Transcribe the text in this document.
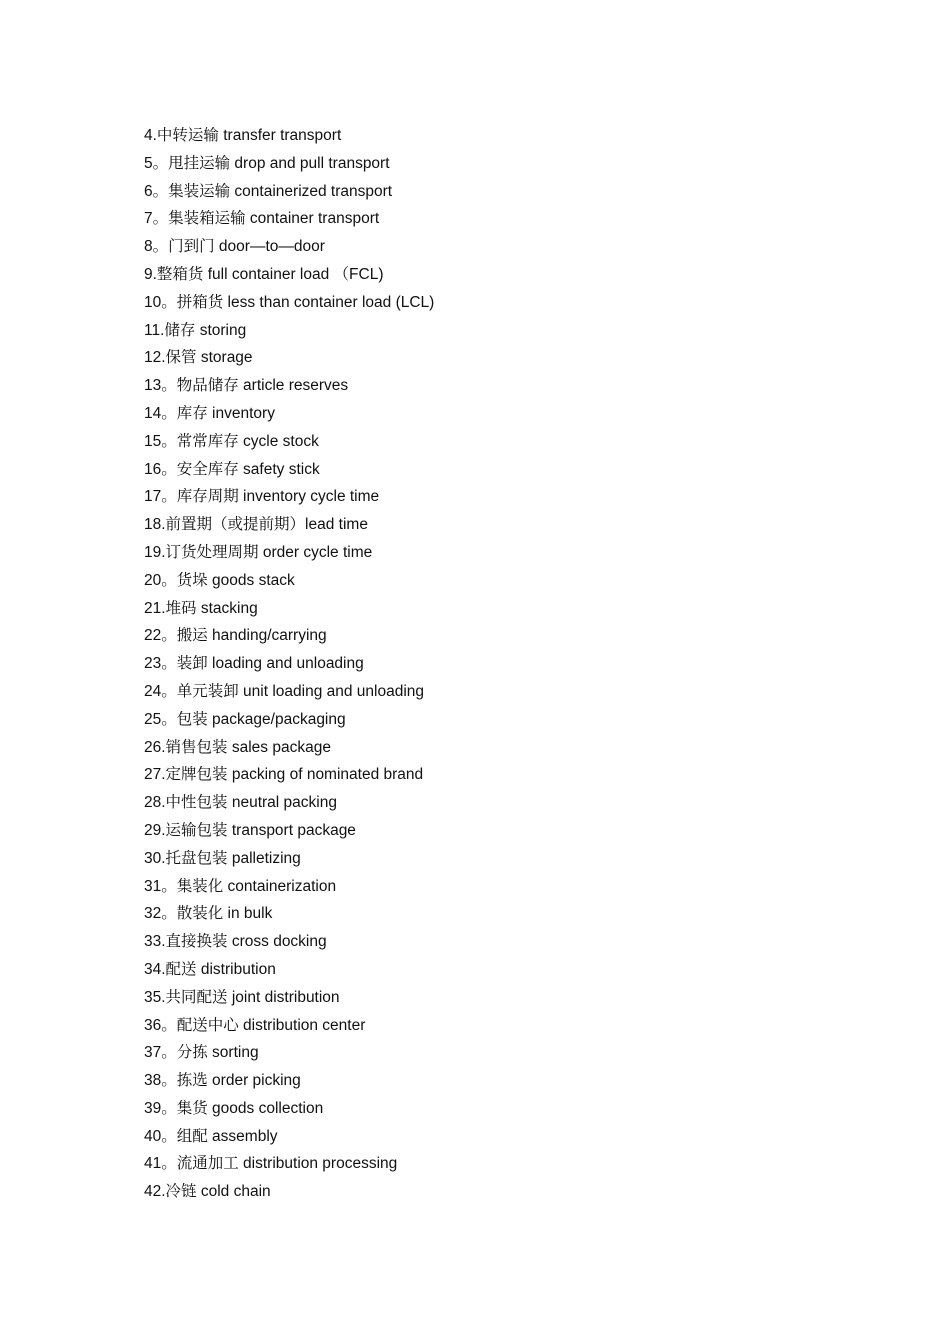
4.中转运输 transfer transport
5。甩挂运输 drop and pull transport
6。集装运输 containerized transport
7。集装箱运输 container transport
8。门到门 door—to—door
9.整箱货 full container load （FCL)
10。拼箱货 less than container load (LCL)
11.储存 storing
12.保管 storage
13。物品储存 article reserves
14。库存 inventory
15。常常库存 cycle stock
16。安全库存 safety stick
17。库存周期 inventory cycle time
18.前置期（或提前期）lead time
19.订货处理周期 order cycle time
20。货垛 goods stack
21.堆码 stacking
22。搬运 handing/carrying
23。装卸 loading and unloading
24。单元装卸 unit loading and unloading
25。包装 package/packaging
26.销售包装 sales package
27.定牌包装 packing of nominated brand
28.中性包装 neutral packing
29.运输包装 transport package
30.托盘包装 palletizing
31。集装化 containerization
32。散装化 in bulk
33.直接换装 cross docking
34.配送 distribution
35.共同配送 joint distribution
36。配送中心 distribution center
37。分拣 sorting
38。拣选 order picking
39。集货 goods collection
40。组配 assembly
41。流通加工 distribution processing
42.冷链 cold chain
